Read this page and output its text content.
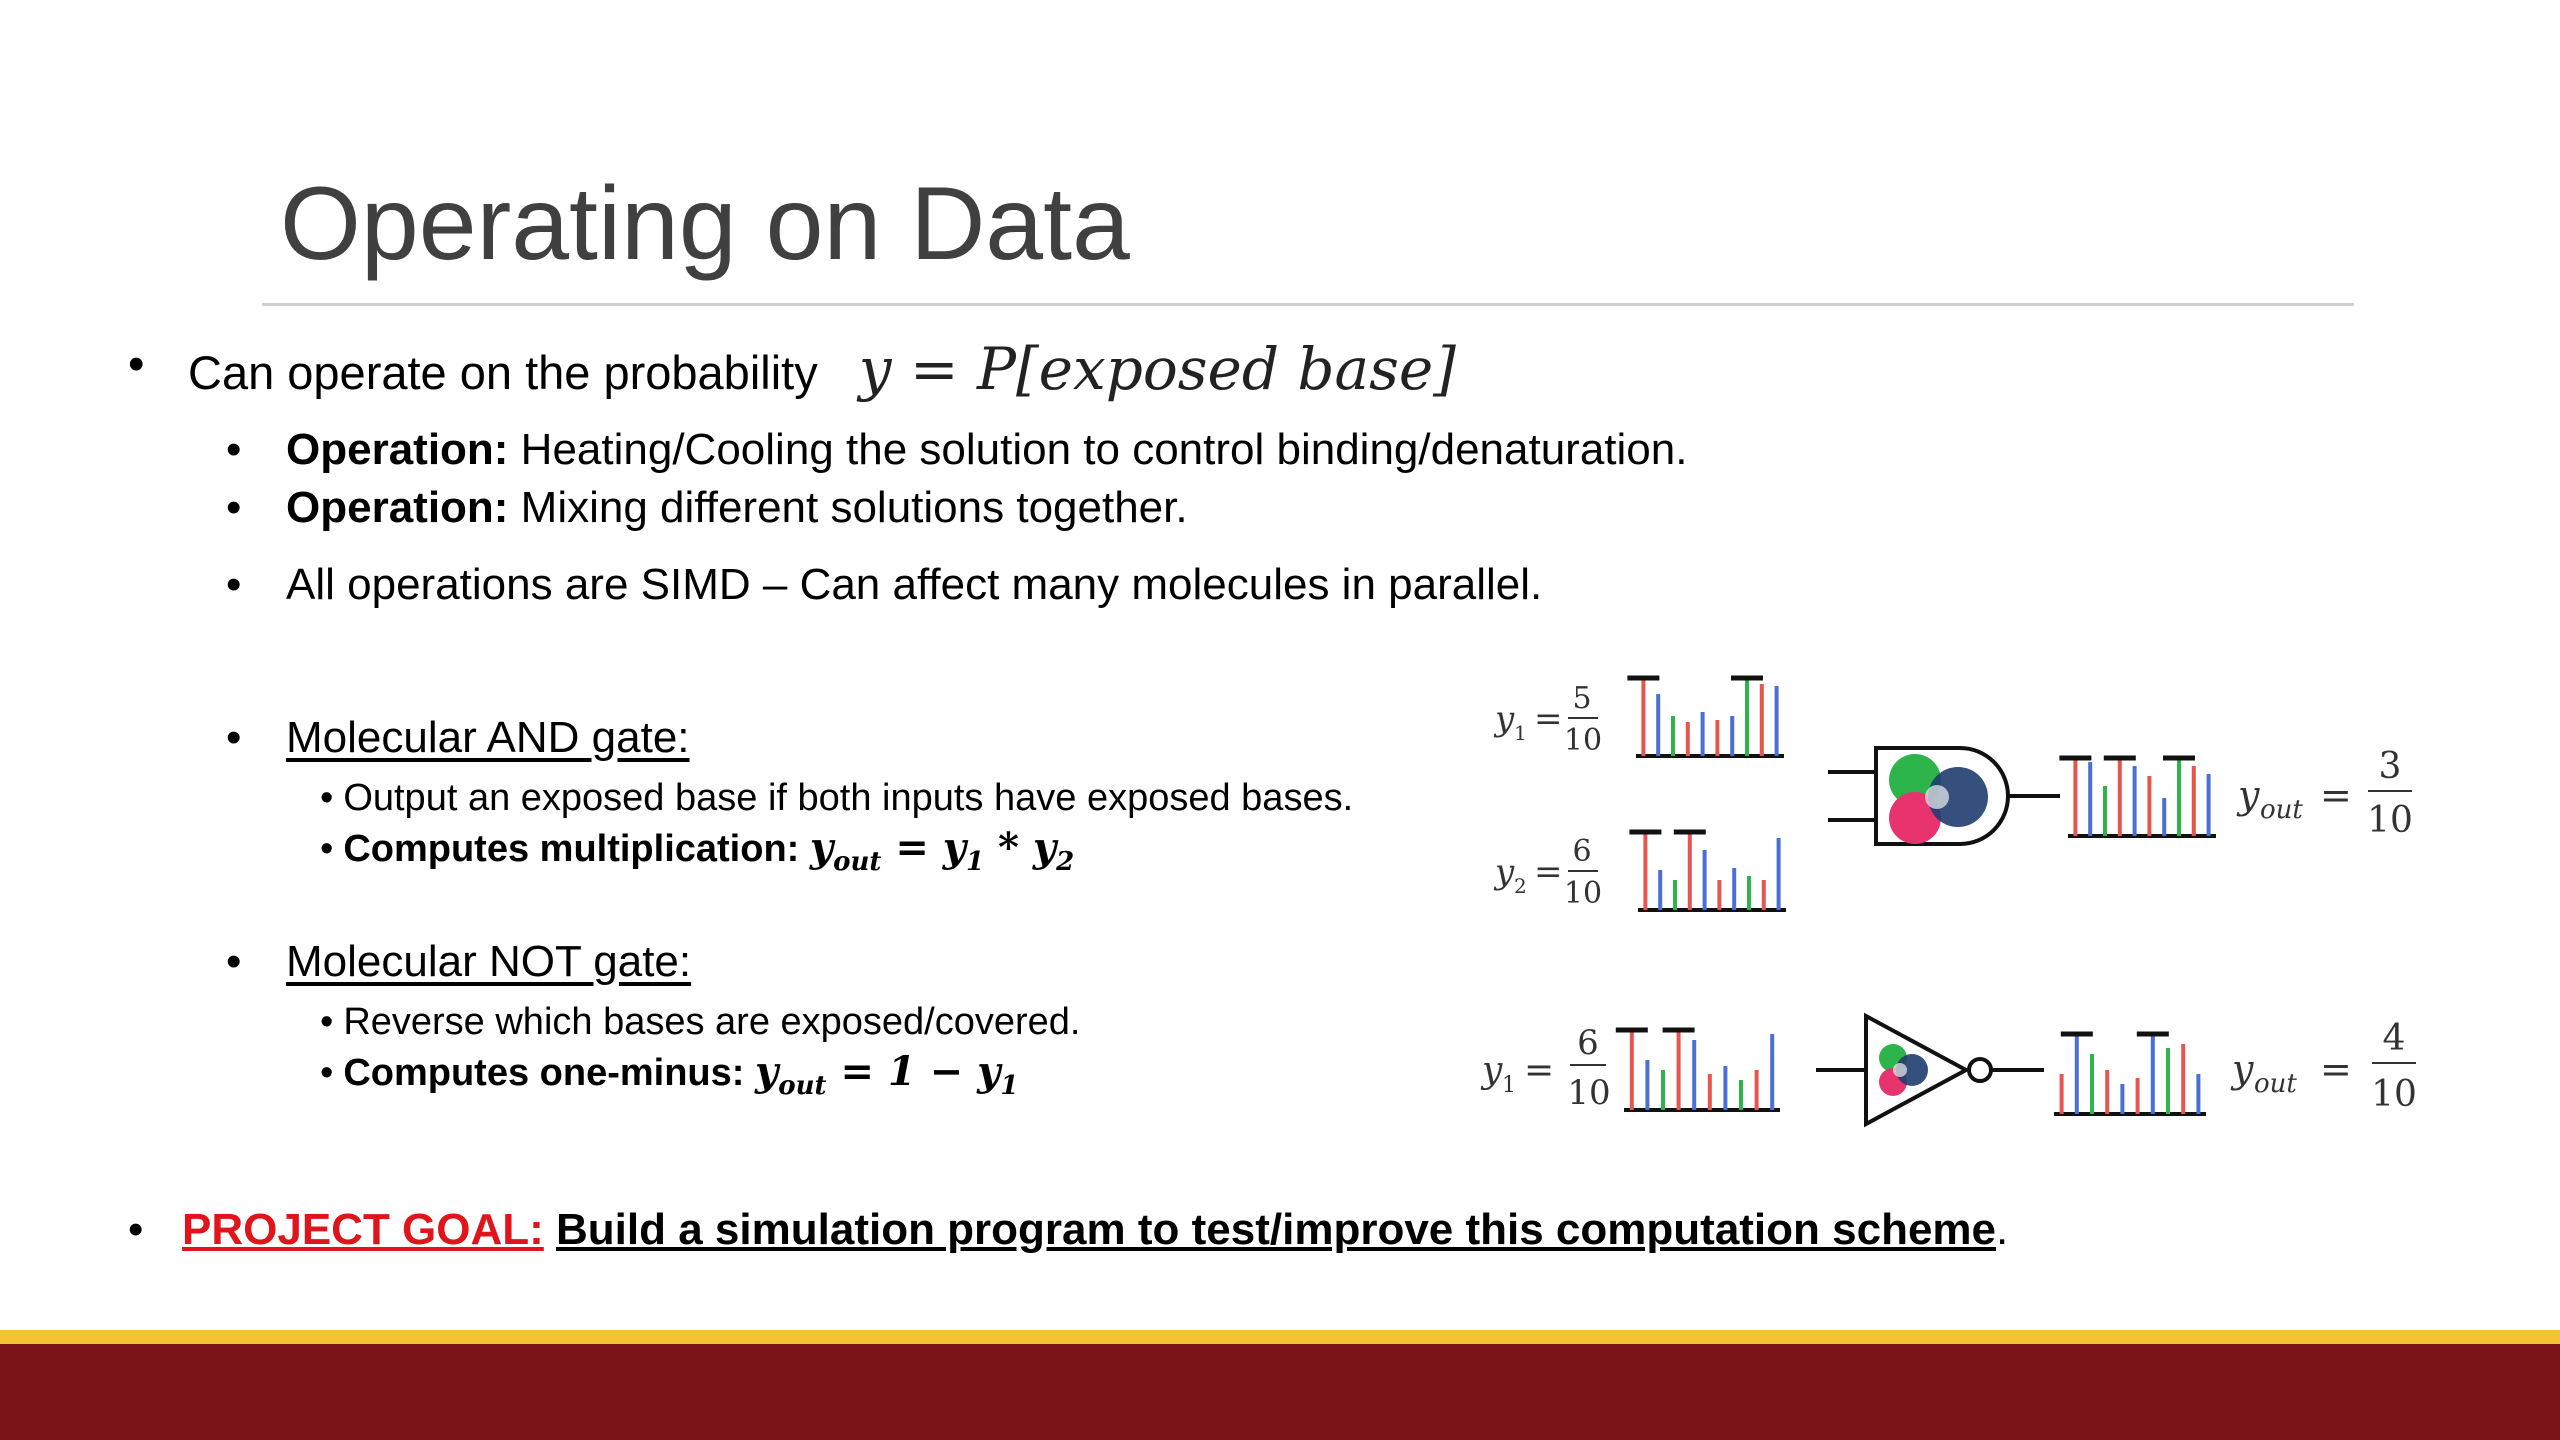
Operating on Data
• Can operate on the probability y = P[exposed base]
• Operation: Heating/Cooling the solution to control binding/denaturation.
• Operation: Mixing different solutions together.
• All operations are SIMD – Can affect many molecules in parallel.
• Molecular AND gate:
• Output an exposed base if both inputs have exposed bases.
• Computes multiplication: $y_{out} = y_1 * y_2$
• Molecular NOT gate:
• Reverse which bases are exposed/covered.
• Computes one-minus: $y_{out} = 1 - y_1$
• PROJECT GOAL: Build a simulation program to test/improve this computation scheme.
y 1 =
5
10
y 2 =
6
10
y out =
3
10
y 1 =
6
10
y out =
4
10
